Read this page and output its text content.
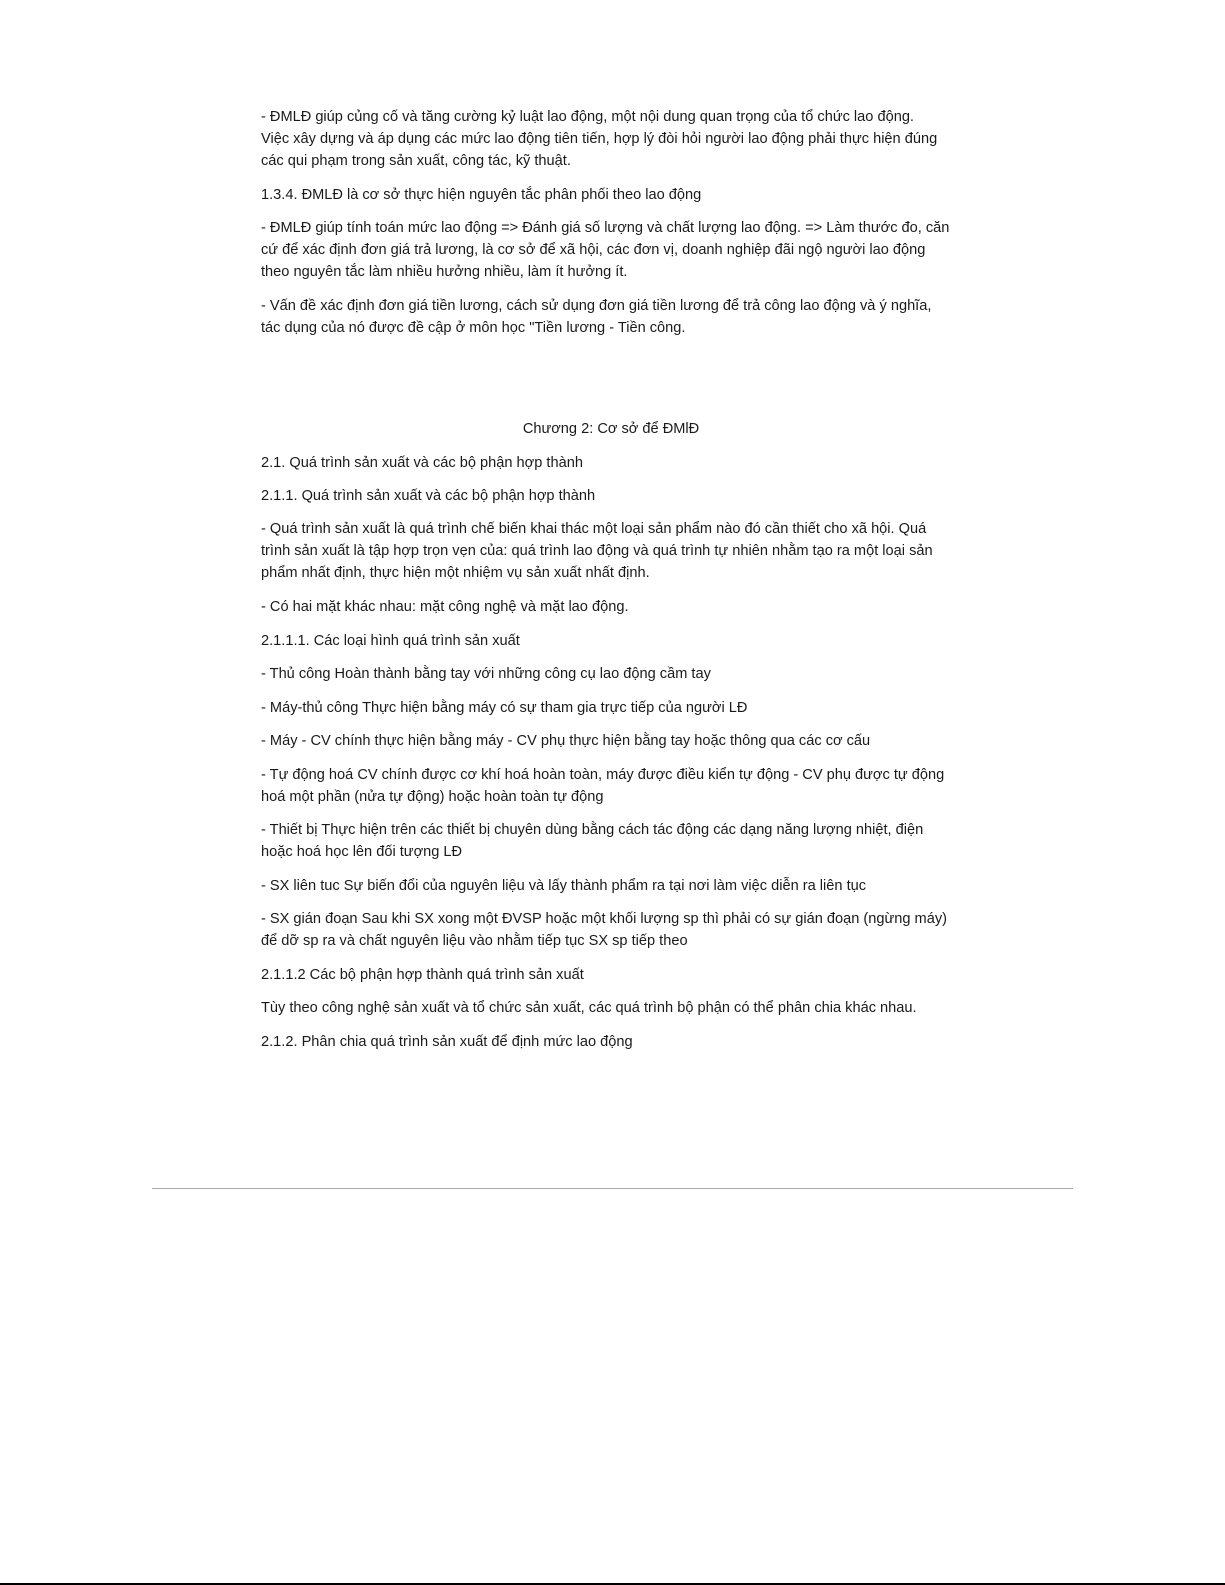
- ĐMLĐ giúp củng cố và tăng cường kỷ luật lao động, một nội dung quan trọng của tổ chức lao động.
Việc xây dựng và áp dụng các mức lao động tiên tiến, hợp lý đòi hỏi người lao động phải thực hiện đúng
các qui phạm trong sản xuất, công tác, kỹ thuật.

1.3.4. ĐMLĐ là cơ sở thực hiện nguyên tắc phân phối theo lao động

- ĐMLĐ giúp tính toán mức lao động => Đánh giá số lượng và chất lượng lao động. => Làm thước đo, căn
cứ để xác định đơn giá trả lương, là cơ sở để xã hội, các đơn vị, doanh nghiệp đãi ngộ người lao động
theo nguyên tắc làm nhiều hưởng nhiều, làm ít hưởng ít.

- Vấn đề xác định đơn giá tiền lương, cách sử dụng đơn giá tiền lương để trả công lao động và ý nghĩa,
tác dụng của nó được đề cập ở môn học "Tiền lương - Tiền công.

Chương 2: Cơ sở để ĐMlĐ

2.1. Quá trình sản xuất và các bộ phận hợp thành

2.1.1. Quá trình sản xuất và các bộ phận hợp thành

- Quá trình sản xuất là quá trình chế biến khai thác một loại sản phẩm nào đó cần thiết cho xã hội. Quá
trình sản xuất là tập hợp trọn vẹn của: quá trình lao động và quá trình tự nhiên nhằm tạo ra một loại sản
phẩm nhất định, thực hiện một nhiệm vụ sản xuất nhất định.

- Có hai mặt khác nhau: mặt công nghệ và mặt lao động.

2.1.1.1. Các loại hình quá trình sản xuất

- Thủ công Hoàn thành bằng tay với những công cụ lao động cầm tay

- Máy-thủ công Thực hiện bằng máy có sự tham gia trực tiếp của người LĐ

- Máy - CV chính thực hiện bằng máy - CV phụ thực hiện bằng tay hoặc thông qua các cơ cấu

- Tự động hoá CV chính được cơ khí hoá hoàn toàn, máy được điều kiển tự động - CV phụ được tự động
hoá một phần (nửa tự động) hoặc hoàn toàn tự động

- Thiết bị Thực hiện trên các thiết bị chuyên dùng bằng cách tác động các dạng năng lượng nhiệt, điện
hoặc hoá học lên đối tượng LĐ

- SX liên tuc Sự biến đổi của nguyên liệu và lấy thành phẩm ra tại nơi làm việc diễn ra liên tục

- SX gián đoạn Sau khi SX xong một ĐVSP hoặc một khối lượng sp thì phải có sự gián đoạn (ngừng máy)
để dỡ sp ra và chất nguyên liệu vào nhằm tiếp tục SX sp tiếp theo

2.1.1.2 Các bộ phận hợp thành quá trình sản xuất

Tùy theo công nghệ sản xuất và tổ chức sản xuất, các quá trình bộ phận có thể phân chia khác nhau.

2.1.2. Phân chia quá trình sản xuất để định mức lao động
